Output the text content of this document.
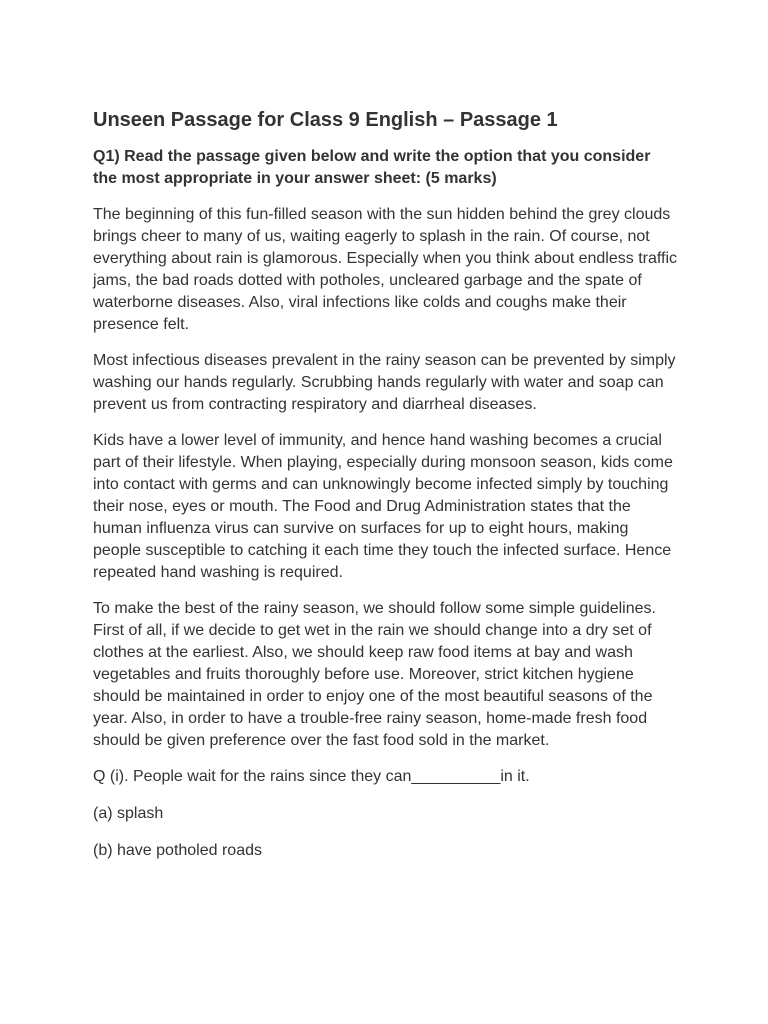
Unseen Passage for Class 9 English – Passage 1

Q1) Read the passage given below and write the option that you consider the most appropriate in your answer sheet: (5 marks)

The beginning of this fun-filled season with the sun hidden behind the grey clouds brings cheer to many of us, waiting eagerly to splash in the rain. Of course, not everything about rain is glamorous. Especially when you think about endless traffic jams, the bad roads dotted with potholes, uncleared garbage and the spate of waterborne diseases. Also, viral infections like colds and coughs make their presence felt.

Most infectious diseases prevalent in the rainy season can be prevented by simply washing our hands regularly. Scrubbing hands regularly with water and soap can prevent us from contracting respiratory and diarrheal diseases.

Kids have a lower level of immunity, and hence hand washing becomes a crucial part of their lifestyle. When playing, especially during monsoon season, kids come into contact with germs and can unknowingly become infected simply by touching their nose, eyes or mouth. The Food and Drug Administration states that the human influenza virus can survive on surfaces for up to eight hours, making people susceptible to catching it each time they touch the infected surface. Hence repeated hand washing is required.

To make the best of the rainy season, we should follow some simple guidelines. First of all, if we decide to get wet in the rain we should change into a dry set of clothes at the earliest. Also, we should keep raw food items at bay and wash vegetables and fruits thoroughly before use. Moreover, strict kitchen hygiene should be maintained in order to enjoy one of the most beautiful seasons of the year. Also, in order to have a trouble-free rainy season, home-made fresh food should be given preference over the fast food sold in the market.

Q (i). People wait for the rains since they can__________in it.

(a) splash

(b) have potholed roads
